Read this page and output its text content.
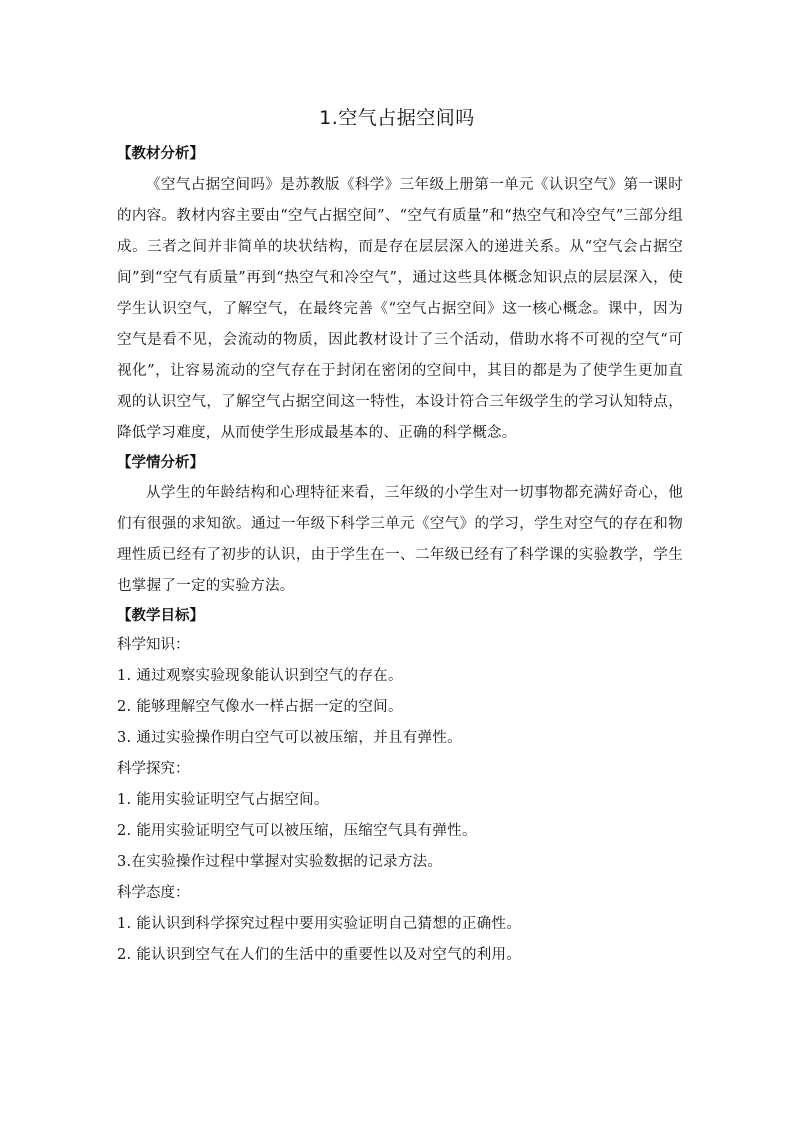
1.空气占据空间吗
【教材分析】

《空气占据空间吗》是苏教版《科学》三年级上册第一单元《认识空气》第一课时的内容。教材内容主要由“空气占据空间”、“空气有质量”和“热空气和冷空气”三部分组成。三者之间并非简单的块状结构，而是存在层层深入的递进关系。从“空气会占据空间”到“空气有质量”再到“热空气和冷空气”，通过这些具体概念知识点的层层深入，使学生认识空气，了解空气，在最终完善《“空气占据空间》这一核心概念。课中，因为空气是看不见，会流动的物质，因此教材设计了三个活动，借助水将不可视的空气“可视化”，让容易流动的空气存在于封闭在密闭的空间中，其目的都是为了使学生更加直观的认识空气，了解空气占据空间这一特性，本设计符合三年级学生的学习认知特点，降低学习难度，从而使学生形成最基本的、正确的科学概念。

【学情分析】

从学生的年龄结构和心理特征来看，三年级的小学生对一切事物都充满好奇心，他们有很强的求知欲。通过一年级下科学三单元《空气》的学习，学生对空气的存在和物理性质已经有了初步的认识，由于学生在一、二年级已经有了科学课的实验教学，学生也掌握了一定的实验方法。

【教学目标】
科学知识：
1. 通过观察实验现象能认识到空气的存在。
2. 能够理解空气像水一样占据一定的空间。
3. 通过实验操作明白空气可以被压缩，并且有弹性。
科学探究：
1. 能用实验证明空气占据空间。
2. 能用实验证明空气可以被压缩，压缩空气具有弹性。
3.在实验操作过程中掌握对实验数据的记录方法。
科学态度：
1. 能认识到科学探究过程中要用实验证明自己猜想的正确性。
2. 能认识到空气在人们的生活中的重要性以及对空气的利用。
